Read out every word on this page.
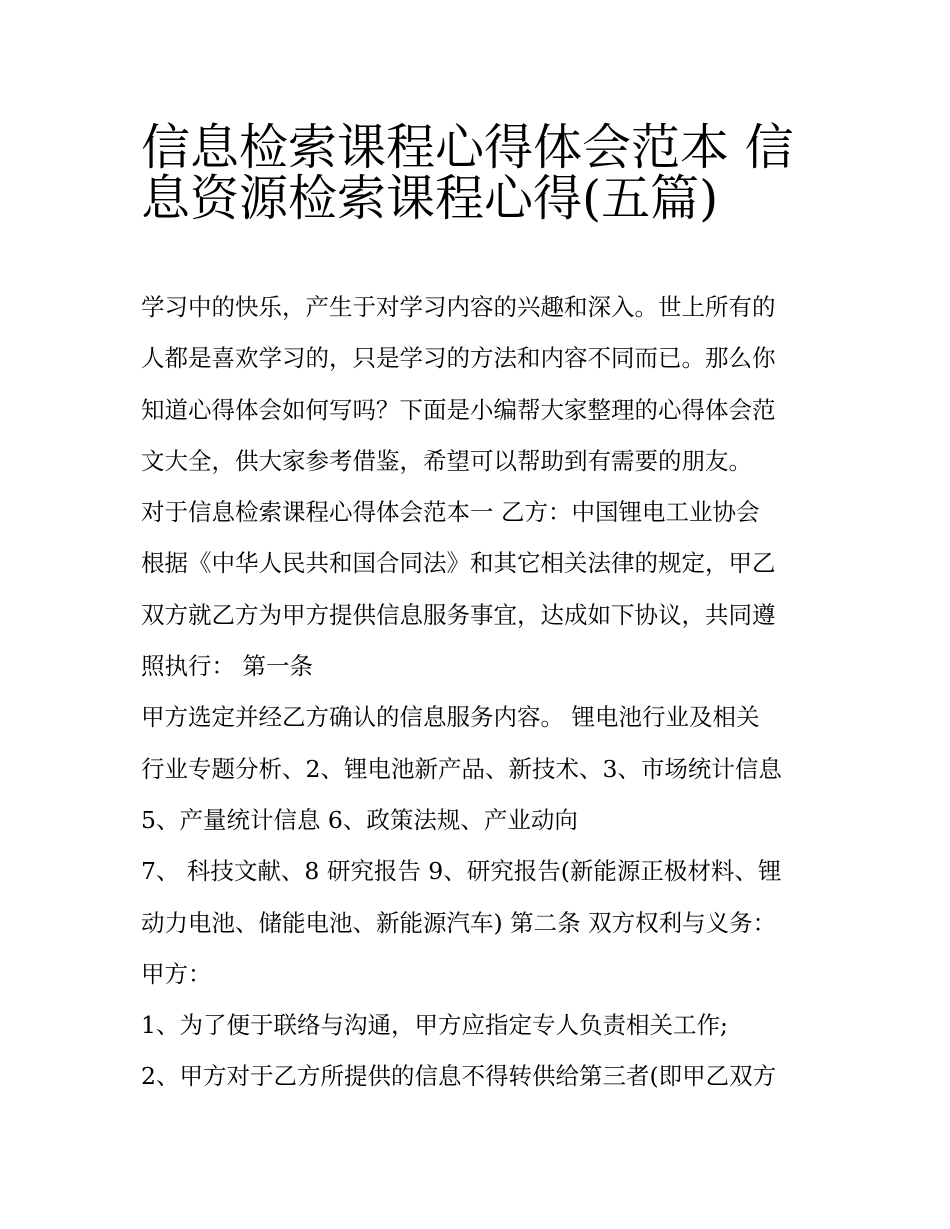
信息检索课程心得体会范本 信
息资源检索课程心得(五篇)
学习中的快乐，产生于对学习内容的兴趣和深入。世上所有的
人都是喜欢学习的，只是学习的方法和内容不同而已。那么你
知道心得体会如何写吗？下面是小编帮大家整理的心得体会范
文大全，供大家参考借鉴，希望可以帮助到有需要的朋友。
对于信息检索课程心得体会范本一 乙方：中国锂电工业协会
根据《中华人民共和国合同法》和其它相关法律的规定，甲乙
双方就乙方为甲方提供信息服务事宜，达成如下协议，共同遵
照执行： 第一条
甲方选定并经乙方确认的信息服务内容。 锂电池行业及相关
行业专题分析、2、锂电池新产品、新技术、3、市场统计信息
5、产量统计信息 6、政策法规、产业动向
7、 科技文献、8 研究报告 9、研究报告(新能源正极材料、锂
动力电池、储能电池、新能源汽车) 第二条 双方权利与义务：
甲方：
1、为了便于联络与沟通，甲方应指定专人负责相关工作;
2、甲方对于乙方所提供的信息不得转供给第三者(即甲乙双方
